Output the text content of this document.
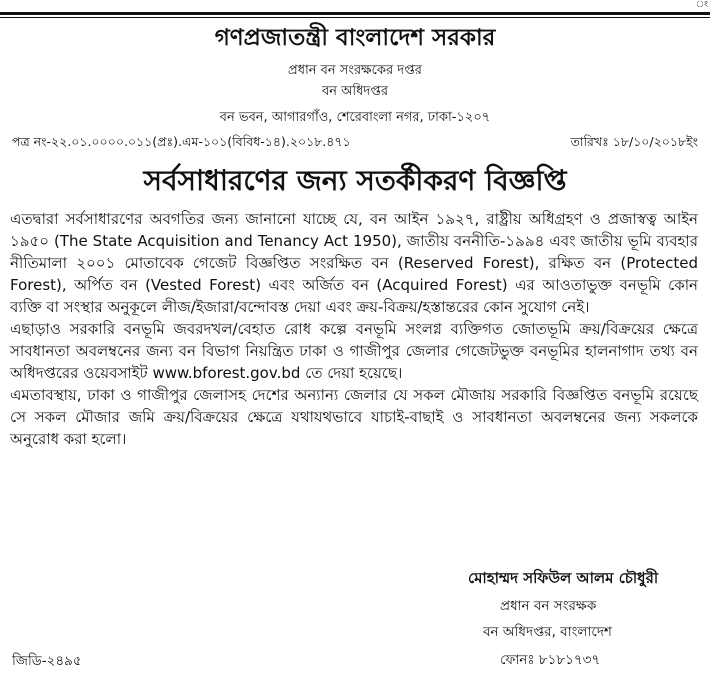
ং
গণপ্রজাতন্ত্রী বাংলাদেশ সরকার
প্রধান বন সংরক্ষকের দপ্তর
বন অধিদপ্তর
বন ভবন, আগারগাঁও, শেরেবাংলা নগর, ঢাকা-১২০৭
পত্র নং-২২.০১.০০০০.০১১(প্রঃ).এম-১০১(বিবিধ-১৪).২০১৮.৪৭১	তারিখঃ ১৮/১০/২০১৮ইং
সর্বসাধারণের জন্য সতর্কীকরণ বিজ্ঞপ্তি

এতদ্বারা সর্বসাধারণের অবগতির জন্য জানানো যাচ্ছে যে, বন আইন ১৯২৭, রাষ্ট্রীয় অধিগ্রহণ ও প্রজাস্বত্ব আইন ১৯৫০ (The State Acquisition and Tenancy Act 1950), জাতীয় বননীতি-১৯৯৪ এবং জাতীয় ভূমি ব্যবহার নীতিমালা ২০০১ মোতাবেক গেজেট বিজ্ঞপ্তিত সংরক্ষিত বন (Reserved Forest), রক্ষিত বন (Protected Forest), অর্পিত বন (Vested Forest) এবং অর্জিত বন (Acquired Forest) এর আওতাভুক্ত বনভূমি কোন ব্যক্তি বা সংস্থার অনুকূলে লীজ/ইজারা/বন্দোবস্ত দেয়া এবং ক্রয়-বিক্রয়/হস্তান্তরের কোন সুযোগ নেই।

এছাড়াও সরকারি বনভূমি জবরদখল/বেহাত রোধ কল্পে বনভূমি সংলগ্ন ব্যক্তিগত জোতভূমি ক্রয়/বিক্রয়ের ক্ষেত্রে সাবধানতা অবলম্বনের জন্য বন বিভাগ নিয়ন্ত্রিত ঢাকা ও গাজীপুর জেলার গেজেটভুক্ত বনভূমির হালনাগাদ তথ্য বন অধিদপ্তরের ওয়েবসাইট www.bforest.gov.bd তে দেয়া হয়েছে।

এমতাবস্থায়, ঢাকা ও গাজীপুর জেলাসহ দেশের অন্যান্য জেলার যে সকল মৌজায় সরকারি বিজ্ঞপ্তিত বনভূমি রয়েছে সে সকল মৌজার জমি ক্রয়/বিক্রয়ের ক্ষেত্রে যথাযথভাবে যাচাই-বাছাই ও সাবধানতা অবলম্বনের জন্য সকলকে অনুরোধ করা হলো।

মোহাম্মদ সফিউল আলম চৌধুরী
প্রধান বন সংরক্ষক
বন অধিদপ্তর, বাংলাদেশ
ফোনঃ ৮১৮১৭৩৭
জিডি-২৪৯৫
